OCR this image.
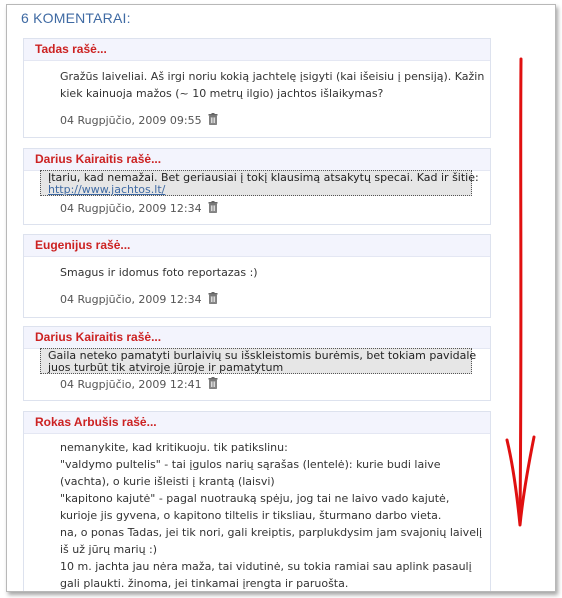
6 KOMENTARAI:
Tadas rašė...
Gražūs laiveliai. Aš irgi noriu kokią jachtelę įsigyti (kai išeisiu į pensiją). Kažin
kiek kainuoja mažos (~ 10 metrų ilgio) jachtos išlaikymas?
04 Rugpjūčio, 2009 09:55
Darius Kairaitis rašė...
Įtariu, kad nemažai. Bet geriausiai į tokį klausimą atsakytų specai. Kad ir šitie:
http://www.jachtos.lt/
04 Rugpjūčio, 2009 12:34
Eugenijus rašė...
Smagus ir idomus foto reportazas :)
04 Rugpjūčio, 2009 12:34
Darius Kairaitis rašė...
Gaila neteko pamatyti burlaivių su išskleistomis burėmis, bet tokiam pavidale
juos turbūt tik atviroje jūroje ir pamatytum
04 Rugpjūčio, 2009 12:41
Rokas Arbušis rašė...
nemanykite, kad kritikuoju. tik patikslinu:
"valdymo pultelis" - tai įgulos narių sąrašas (lentelė): kurie budi laive
(vachta), o kurie išleisti į krantą (laisvi)
"kapitono kajutė" - pagal nuotrauką spėju, jog tai ne laivo vado kajutė,
kurioje jis gyvena, o kapitono tiltelis ir tiksliau, šturmano darbo vieta.
na, o ponas Tadas, jei tik nori, gali kreiptis, parplukdysim jam svajonių laivelį
iš už jūrų marių :)
10 m. jachta jau nėra maža, tai vidutinė, su tokia ramiai sau aplink pasaulį
gali plaukti. žinoma, jei tinkamai įrengta ir paruošta.
